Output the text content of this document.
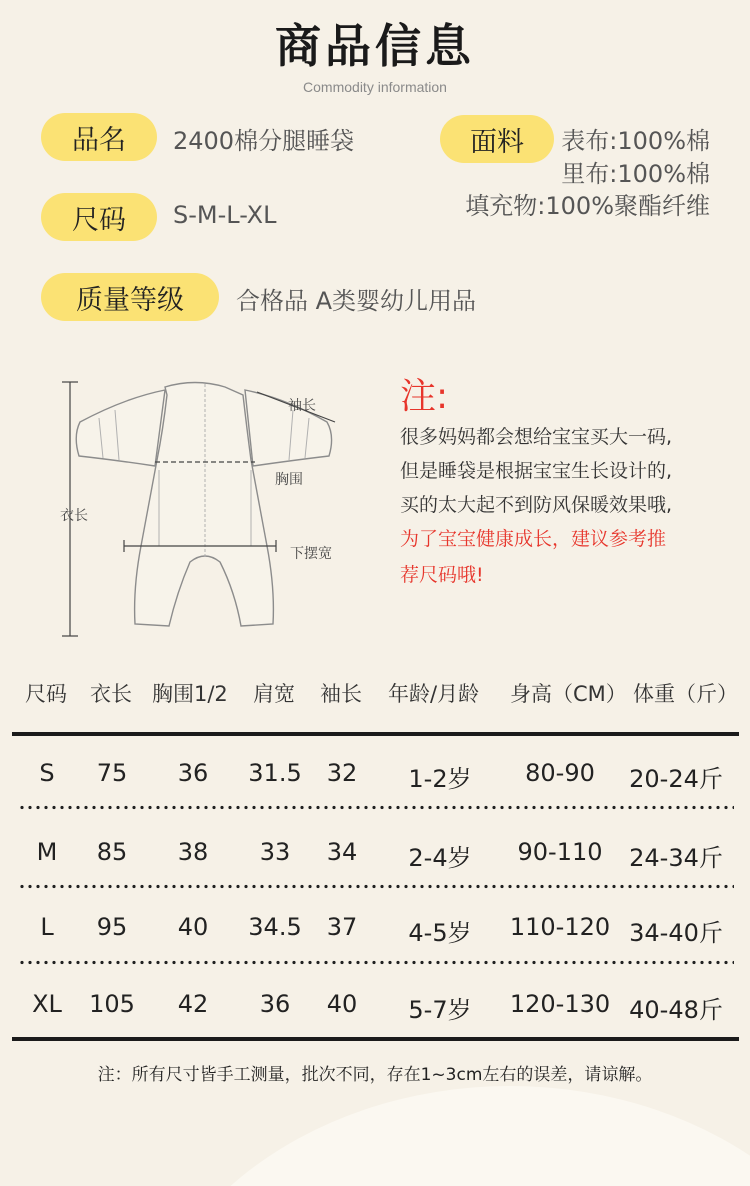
商品信息
Commodity information
品名	2400棉分腿睡袋
尺码	S-M-L-XL
质量等级	合格品 A类婴幼儿用品
面料	表布:100%棉
里布:100%棉
填充物:100%聚酯纤维
袖长
胸围
衣长
下摆宽
注:
很多妈妈都会想给宝宝买大一码,
但是睡袋是根据宝宝生长设计的,
买的太大起不到防风保暖效果哦,
为了宝宝健康成长，建议参考推
荐尺码哦!
尺码 衣长 胸围1/2 肩宽 袖长 年龄/月龄 身高（CM） 体重（斤）
S 75 36 31.5 32 1-2岁 80-90 20-24斤
M 85 38 33 34 2-4岁 90-110 24-34斤
L 95 40 34.5 37 4-5岁 110-120 34-40斤
XL 105 42 36 40 5-7岁 120-130 40-48斤
注：所有尺寸皆手工测量，批次不同，存在1~3cm左右的误差，请谅解。
